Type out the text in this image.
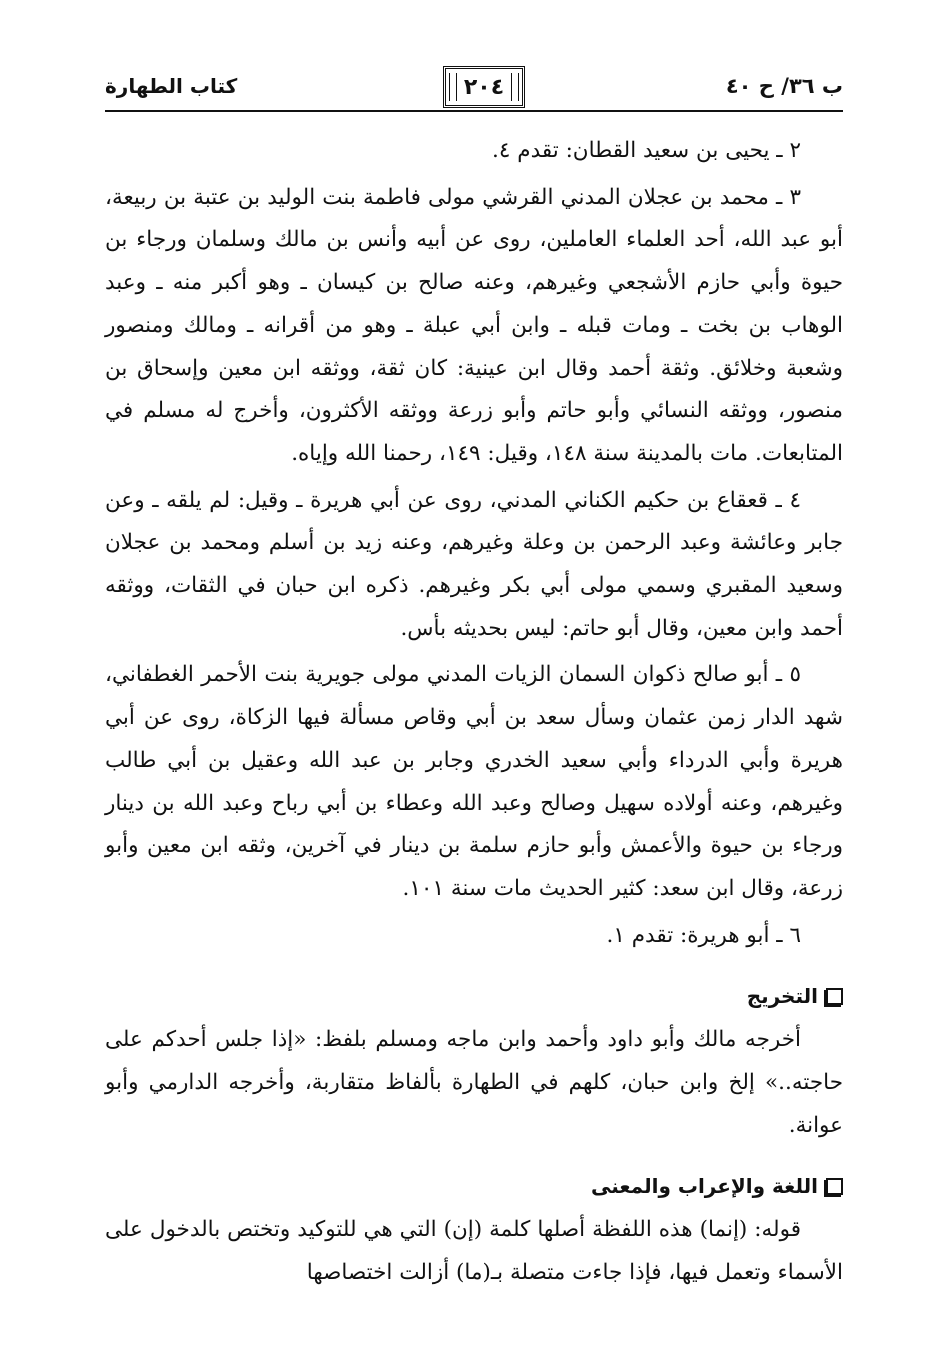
ب ٣٦/ ح ٤٠
٢٠٤
كتاب الطهارة

٢ ـ يحيى بن سعيد القطان: تقدم ٤.

٣ ـ محمد بن عجلان المدني القرشي مولى فاطمة بنت الوليد بن عتبة بن ربيعة، أبو عبد الله، أحد العلماء العاملين، روى عن أبيه وأنس بن مالك وسلمان ورجاء بن حيوة وأبي حازم الأشجعي وغيرهم، وعنه صالح بن كيسان ـ وهو أكبر منه ـ وعبد الوهاب بن بخت ـ ومات قبله ـ وابن أبي عبلة ـ وهو من أقرانه ـ ومالك ومنصور وشعبة وخلائق. وثقة أحمد وقال ابن عينية: كان ثقة، ووثقه ابن معين وإسحاق بن منصور، ووثقه النسائي وأبو حاتم وأبو زرعة ووثقه الأكثرون، وأخرج له مسلم في المتابعات. مات بالمدينة سنة ١٤٨، وقيل: ١٤٩، رحمنا الله وإياه.

٤ ـ قعقاع بن حكيم الكناني المدني، روى عن أبي هريرة ـ وقيل: لم يلقه ـ وعن جابر وعائشة وعبد الرحمن بن وعلة وغيرهم، وعنه زيد بن أسلم ومحمد بن عجلان وسعيد المقبري وسمي مولى أبي بكر وغيرهم. ذكره ابن حبان في الثقات، ووثقه أحمد وابن معين، وقال أبو حاتم: ليس بحديثه بأس.

٥ ـ أبو صالح ذكوان السمان الزيات المدني مولى جويرية بنت الأحمر الغطفاني، شهد الدار زمن عثمان وسأل سعد بن أبي وقاص مسألة فيها الزكاة، روى عن أبي هريرة وأبي الدرداء وأبي سعيد الخدري وجابر بن عبد الله وعقيل بن أبي طالب وغيرهم، وعنه أولاده سهيل وصالح وعبد الله وعطاء بن أبي رباح وعبد الله بن دينار ورجاء بن حيوة والأعمش وأبو حازم سلمة بن دينار في آخرين، وثقه ابن معين وأبو زرعة، وقال ابن سعد: كثير الحديث مات سنة ١٠١.

٦ ـ أبو هريرة: تقدم ١.

التخريج

أخرجه مالك وأبو داود وأحمد وابن ماجه ومسلم بلفظ: «إذا جلس أحدكم على حاجته..» إلخ وابن حبان، كلهم في الطهارة بألفاظ متقاربة، وأخرجه الدارمي وأبو عوانة.

اللغة والإعراب والمعنى

قوله: (إنما) هذه اللفظة أصلها كلمة (إن) التي هي للتوكيد وتختص بالدخول على الأسماء وتعمل فيها، فإذا جاءت متصلة بـ(ما) أزالت اختصاصها
